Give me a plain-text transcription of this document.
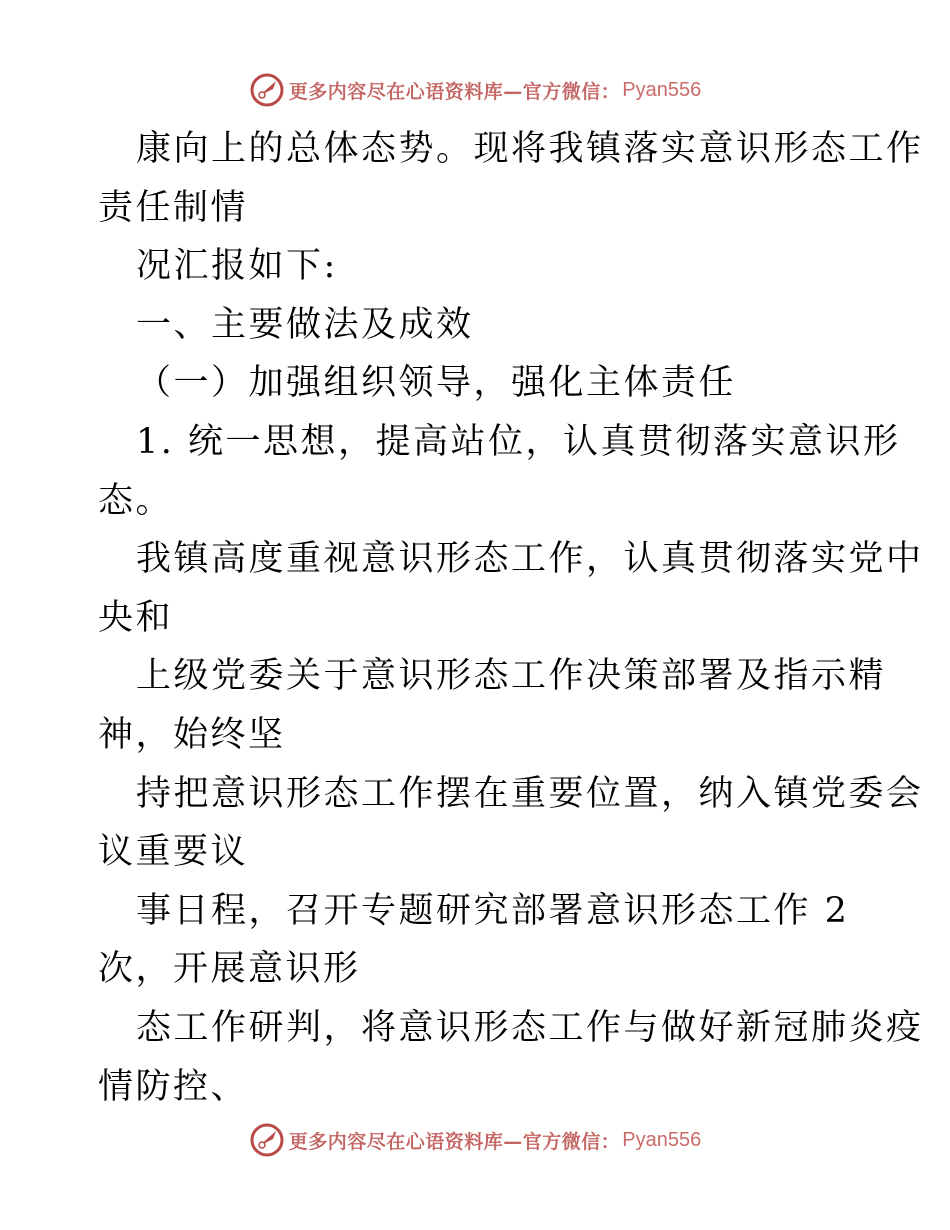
更多内容尽在心语资料库—官方微信： Pyan556
康向上的总体态势。现将我镇落实意识形态工作
责任制情
况汇报如下:
一、主要做法及成效
（一）加强组织领导，强化主体责任
1. 统一思想，提高站位，认真贯彻落实意识形
态。
我镇高度重视意识形态工作，认真贯彻落实党中
央和
上级党委关于意识形态工作决策部署及指示精
神，始终坚
持把意识形态工作摆在重要位置，纳入镇党委会
议重要议
事日程，召开专题研究部署意识形态工作 2
次，开展意识形
态工作研判，将意识形态工作与做好新冠肺炎疫
情防控、
更多内容尽在心语资料库—官方微信： Pyan556
